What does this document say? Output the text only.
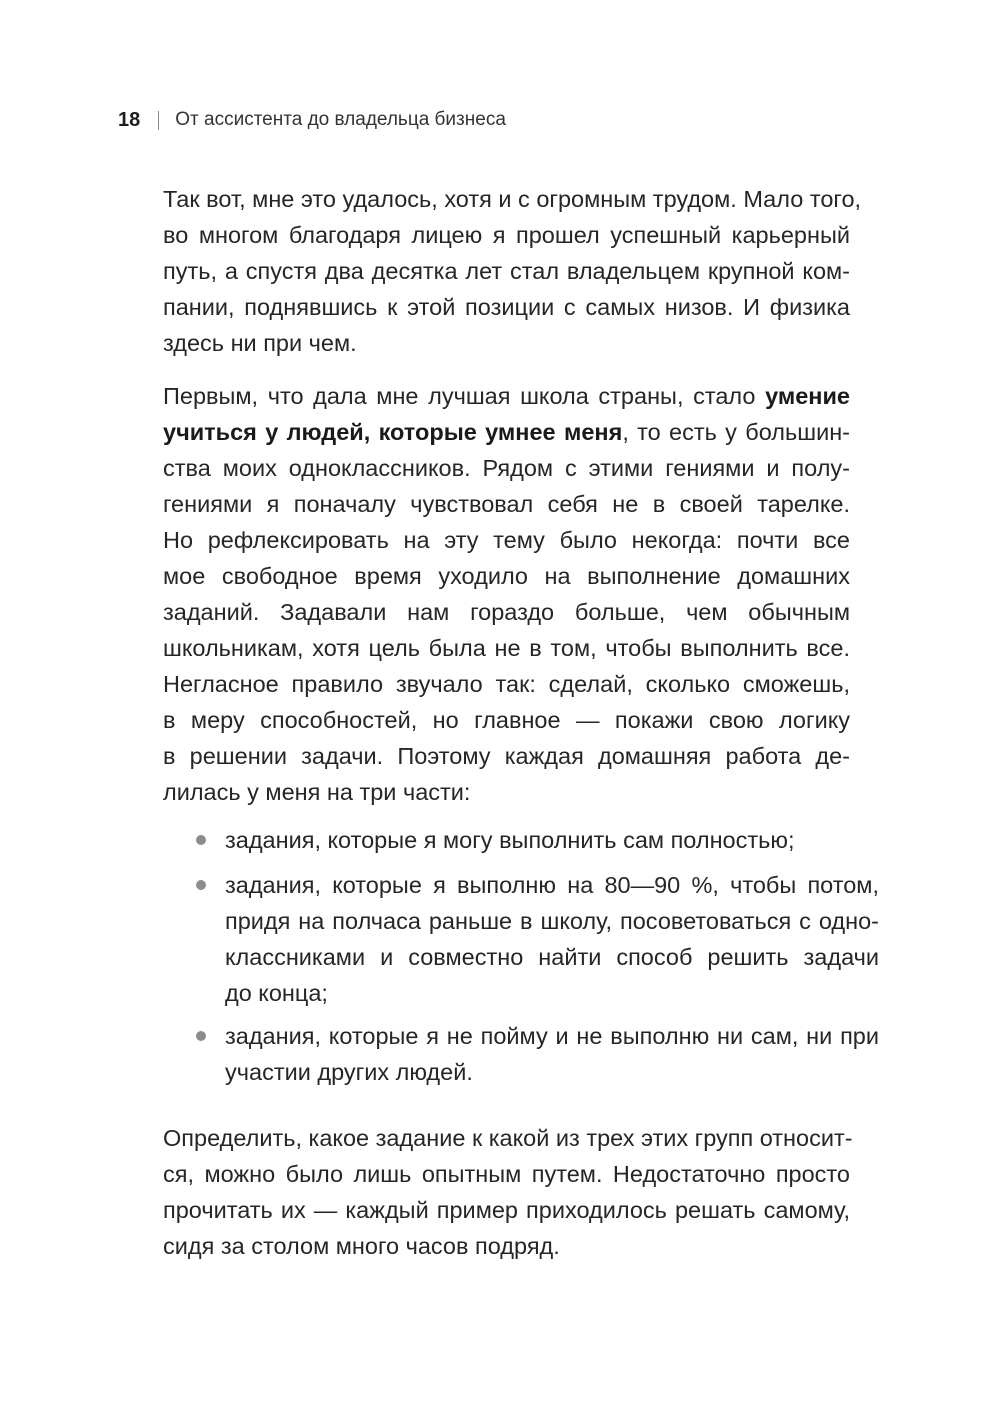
18 От ассистента до владельца бизнеса
Так вот, мне это удалось, хотя и с огромным трудом. Мало того,
во многом благодаря лицею я прошел успешный карьерный
путь, а спустя два десятка лет стал владельцем крупной ком-
пании, поднявшись к этой позиции с самых низов. И физика
здесь ни при чем.
Первым, что дала мне лучшая школа страны, стало умение
учиться у людей, которые умнее меня, то есть у большин-
ства моих одноклассников. Рядом с этими гениями и полу-
гениями я поначалу чувствовал себя не в своей тарелке.
Но рефлексировать на эту тему было некогда: почти все
мое свободное время уходило на выполнение домашних
заданий. Задавали нам гораздо больше, чем обычным
школьникам, хотя цель была не в том, чтобы выполнить все.
Негласное правило звучало так: сделай, сколько сможешь,
в меру способностей, но главное — покажи свою логику
в решении задачи. Поэтому каждая домашняя работа де-
лилась у меня на три части:
задания, которые я могу выполнить сам полностью;
задания, которые я выполню на 80—90 %, чтобы потом,
придя на полчаса раньше в школу, посоветоваться с одно-
классниками и совместно найти способ решить задачи
до конца;
задания, которые я не пойму и не выполню ни сам, ни при
участии других людей.
Определить, какое задание к какой из трех этих групп относит-
ся, можно было лишь опытным путем. Недостаточно просто
прочитать их — каждый пример приходилось решать самому,
сидя за столом много часов подряд.
